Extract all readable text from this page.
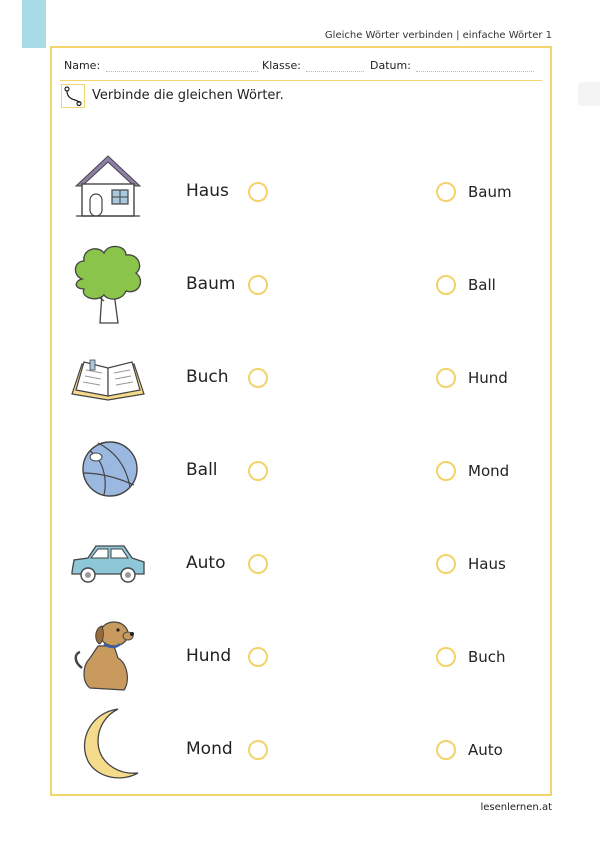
Gleiche Wörter verbinden | einfache Wörter 1
Name:	Klasse:	Datum:
Verbinde die gleichen Wörter.
Haus	Baum
Baum	Ball
Buch	Hund
Ball	Mond
Auto	Haus
Hund	Buch
Mond	Auto
lesenlernen.at
